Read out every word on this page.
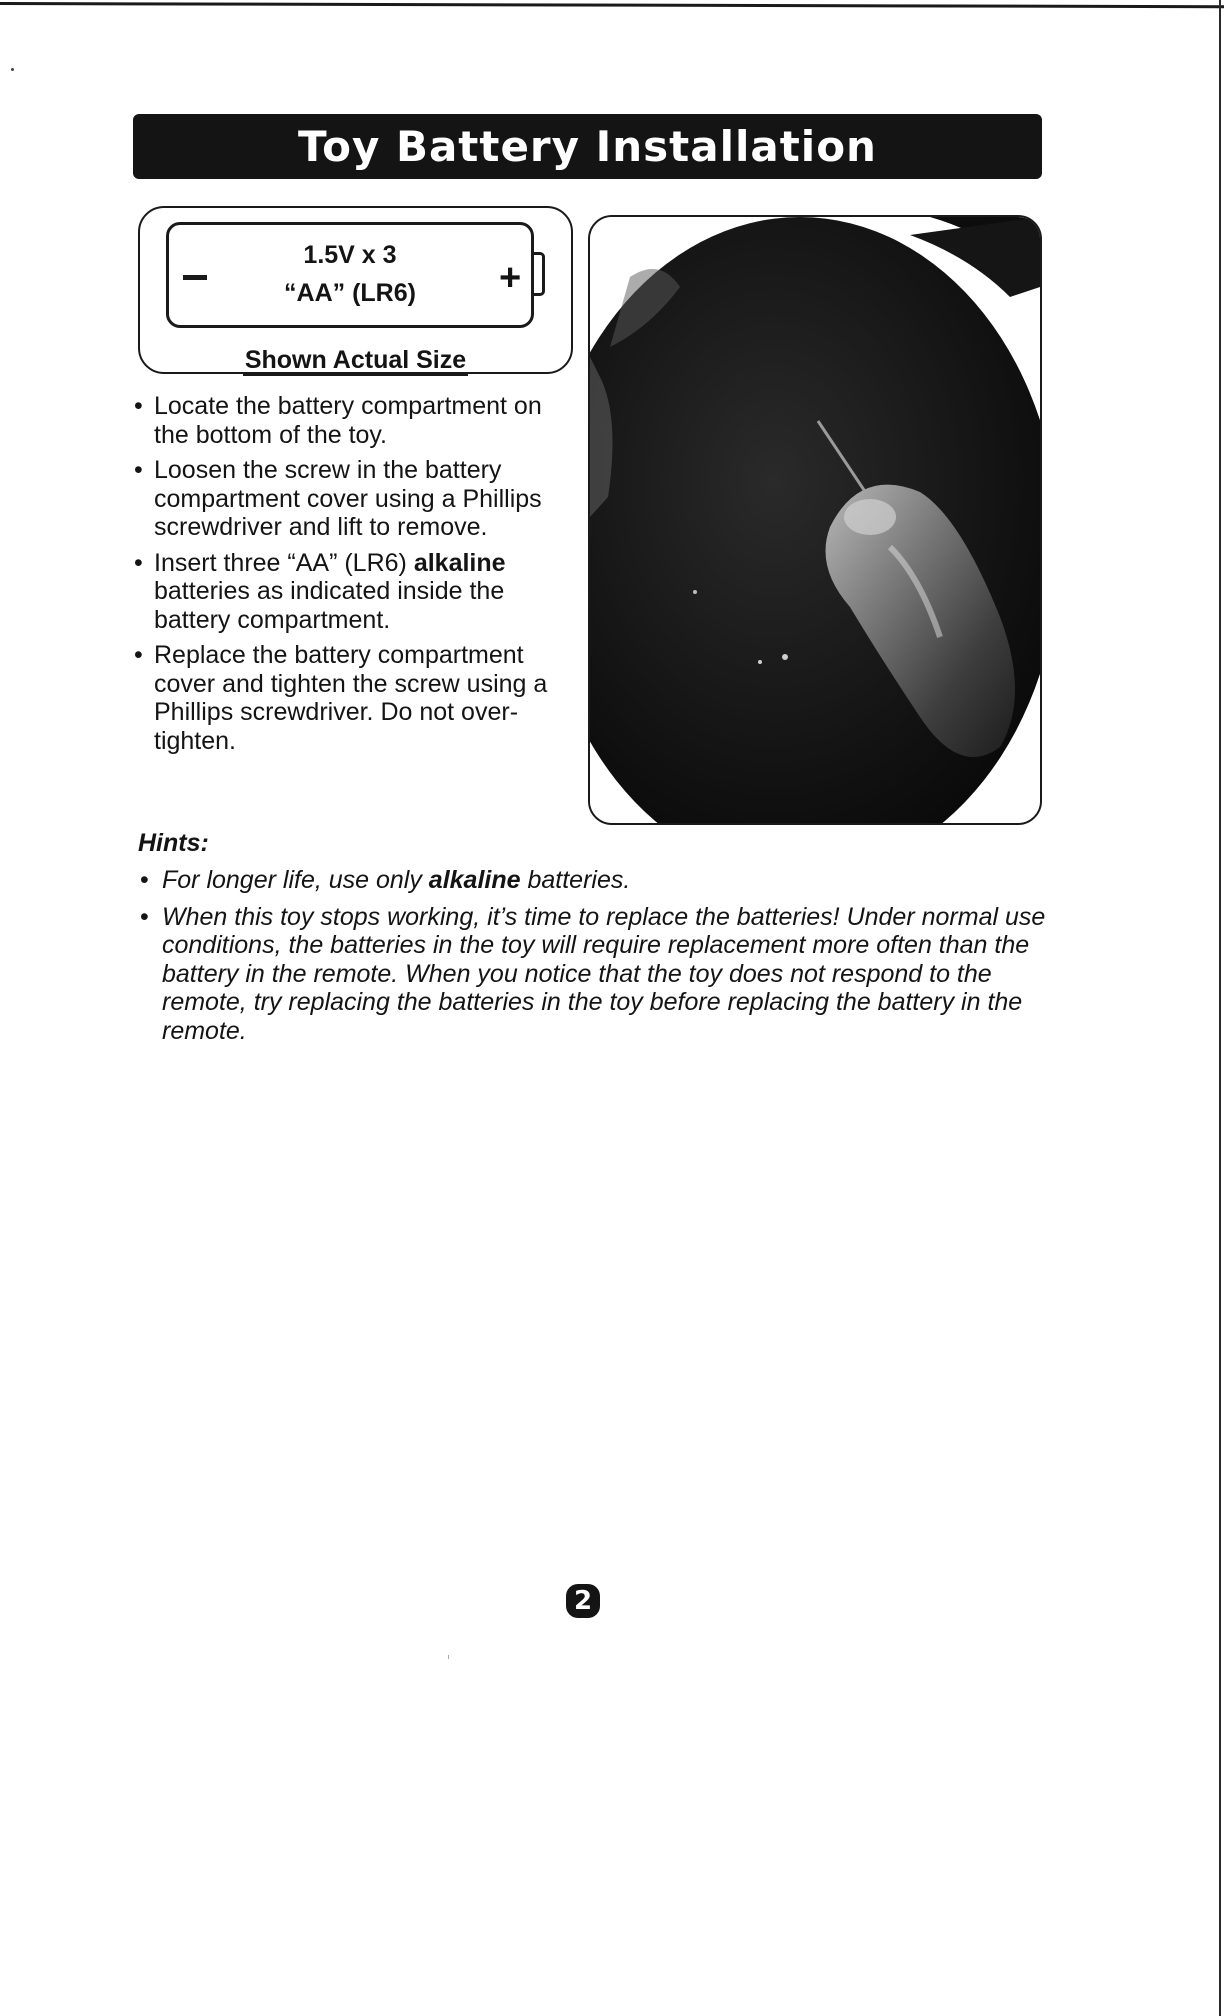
Toy Battery Installation
1.5V x 3
“AA” (LR6)	+
Shown Actual Size
• Locate the battery compartment on the bottom of the toy.
• Loosen the screw in the battery compartment cover using a Phillips screwdriver and lift to remove.
• Insert three “AA” (LR6) alkaline batteries as indicated inside the battery compartment.
• Replace the battery compartment cover and tighten the screw using a Phillips screwdriver. Do not over-tighten.
Hints:
• For longer life, use only alkaline batteries.
• When this toy stops working, it’s time to replace the batteries! Under normal use conditions, the batteries in the toy will require replacement more often than the battery in the remote. When you notice that the toy does not respond to the remote, try replacing the batteries in the toy before replacing the battery in the remote.
2
